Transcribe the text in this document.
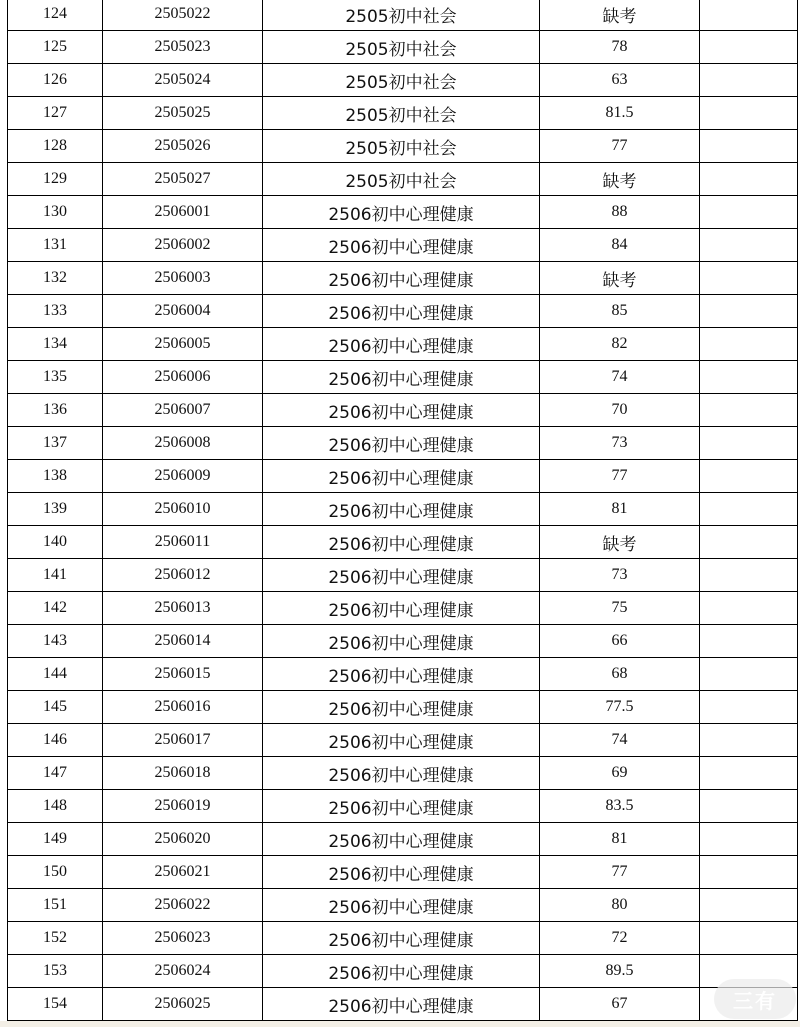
124	2505022	2505初中社会	缺考	
125	2505023	2505初中社会	78	
126	2505024	2505初中社会	63	
127	2505025	2505初中社会	81.5	
128	2505026	2505初中社会	77	
129	2505027	2505初中社会	缺考	
130	2506001	2506初中心理健康	88	
131	2506002	2506初中心理健康	84	
132	2506003	2506初中心理健康	缺考	
133	2506004	2506初中心理健康	85	
134	2506005	2506初中心理健康	82	
135	2506006	2506初中心理健康	74	
136	2506007	2506初中心理健康	70	
137	2506008	2506初中心理健康	73	
138	2506009	2506初中心理健康	77	
139	2506010	2506初中心理健康	81	
140	2506011	2506初中心理健康	缺考	
141	2506012	2506初中心理健康	73	
142	2506013	2506初中心理健康	75	
143	2506014	2506初中心理健康	66	
144	2506015	2506初中心理健康	68	
145	2506016	2506初中心理健康	77.5	
146	2506017	2506初中心理健康	74	
147	2506018	2506初中心理健康	69	
148	2506019	2506初中心理健康	83.5	
149	2506020	2506初中心理健康	81	
150	2506021	2506初中心理健康	77	
151	2506022	2506初中心理健康	80	
152	2506023	2506初中心理健康	72	
153	2506024	2506初中心理健康	89.5	
154	2506025	2506初中心理健康	67		三有
